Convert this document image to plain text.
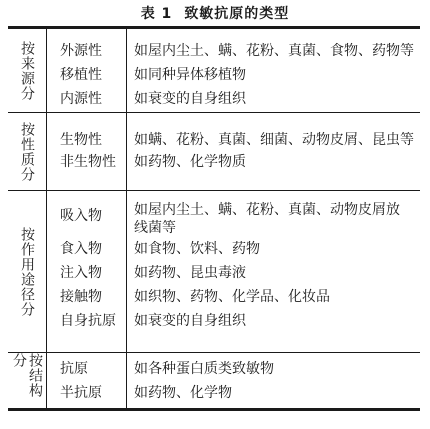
表 1 致敏抗原的类型
按来源分 外源性
移植性
内源性
如屋内尘土、螨、花粉、真菌、食物、药物等
如同种异体移植物
如衰变的自身组织
按性质分 生物性
非生物性
如螨、花粉、真菌、细菌、动物皮屑、昆虫等
如药物、化学物质
按作用途径分
吸入物
食入物
注入物
接触物
自身抗原
如屋内尘土、螨、花粉、真菌、动物皮屑放线菌等
如食物、饮料、药物
如药物、昆虫毒液
如织物、药物、化学品、化妆品
如衰变的自身组织
按结构分
抗原
半抗原
如各种蛋白质类致敏物
如药物、化学物
